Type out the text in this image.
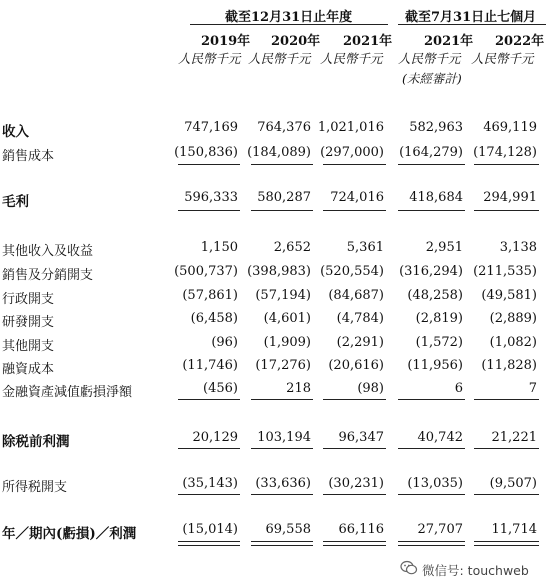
截至12月31日止年度	截至7月31日止七個月
2019年 2020年 2021年 2021年 2022年
人民幣千元 人民幣千元 人民幣千元 人民幣千元 人民幣千元
(未經審計)
收入	747,169	764,376 1,021,016	582,963	469,119
銷售成本	(150,836) (184,089) (297,000)	(164,279) (174,128)
毛利	596,333	580,287	724,016	418,684	294,991
其他收入及收益	1,150	2,652	5,361	2,951	3,138
銷售及分銷開支	(500,737) (398,983) (520,554)	(316,294) (211,535)
行政開支	(57,861)	(57,194)	(84,687)	(48,258)	(49,581)
研發開支	(6,458)	(4,601)	(4,784)	(2,819)	(2,889)
其他開支	(96)	(1,909)	(2,291)	(1,572)	(1,082)
融資成本	(11,746)	(17,276)	(20,616)	(11,956)	(11,828)
金融資產減值虧損淨額	(456)	218	(98)	6	7
除税前利潤	20,129	103,194	96,347	40,742	21,221
所得税開支	(35,143)	(33,636)	(30,231)	(13,035)	(9,507)
年／期內(虧損)／利潤	(15,014)	69,558	66,116	27,707	11,714
微信号: touchweb
